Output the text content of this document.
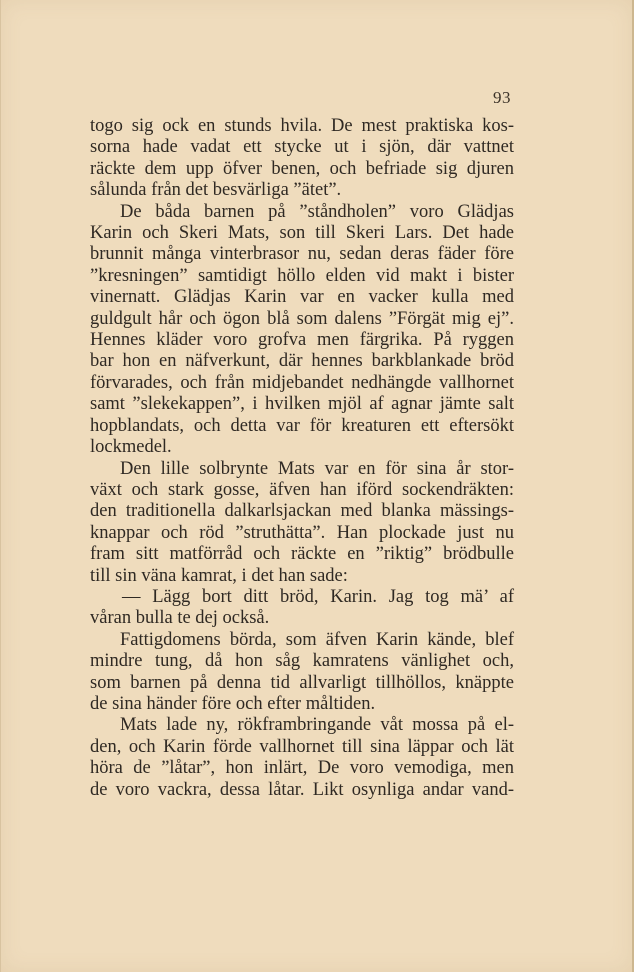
93

togo sig ock en stunds hvila. De mest praktiska kos-
sorna hade vadat ett stycke ut i sjön, där vattnet
räckte dem upp öfver benen, och befriade sig djuren
sålunda från det besvärliga ”ätet”.
De båda barnen på ”ståndholen” voro Glädjas
Karin och Skeri Mats, son till Skeri Lars. Det hade
brunnit många vinterbrasor nu, sedan deras fäder före
”kresningen” samtidigt höllo elden vid makt i bister
vinernatt. Glädjas Karin var en vacker kulla med
guldgult hår och ögon blå som dalens ”Förgät mig ej”.
Hennes kläder voro grofva men färgrika. På ryggen
bar hon en näfverkunt, där hennes barkblankade bröd
förvarades, och från midjebandet nedhängde vallhornet
samt ”slekekappen”, i hvilken mjöl af agnar jämte salt
hopblandats, och detta var för kreaturen ett eftersökt
lockmedel.
Den lille solbrynte Mats var en för sina år stor-
växt och stark gosse, äfven han iförd sockendräkten:
den traditionella dalkarlsjackan med blanka mässings-
knappar och röd ”struthätta”. Han plockade just nu
fram sitt matförråd och räckte en ”riktig” brödbulle
till sin väna kamrat, i det han sade:
— Lägg bort ditt bröd, Karin. Jag tog mä’ af
våran bulla te dej också.
Fattigdomens börda, som äfven Karin kände, blef
mindre tung, då hon såg kamratens vänlighet och,
som barnen på denna tid allvarligt tillhöllos, knäppte
de sina händer före och efter måltiden.
Mats lade ny, rökframbringande våt mossa på el-
den, och Karin förde vallhornet till sina läppar och lät
höra de ”låtar”, hon inlärt, De voro vemodiga, men
de voro vackra, dessa låtar. Likt osynliga andar vand-
